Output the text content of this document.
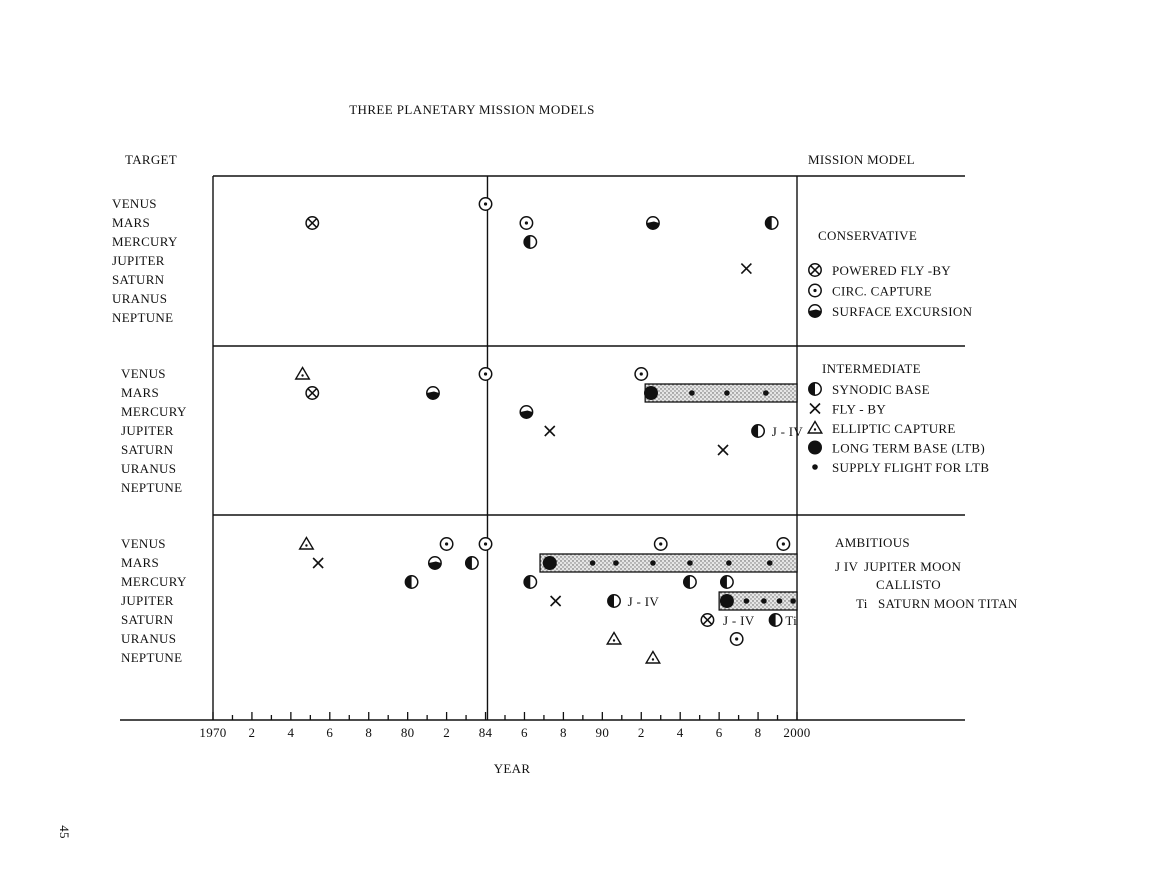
THREE PLANETARY MISSION MODELS
TARGET	MISSION MODEL
VENUS
MARS
MERCURY
JUPITER
SATURN
URANUS
NEPTUNE
VENUS
MARS
MERCURY
JUPITER
SATURN
URANUS
NEPTUNE
VENUS
MARS
MERCURY
JUPITER
SATURN
URANUS
NEPTUNE
J - IV
J - IV
J - IV Ti
CONSERVATIVE
POWERED FLY -BY
CIRC. CAPTURE
SURFACE EXCURSION
INTERMEDIATE
SYNODIC BASE
FLY - BY
ELLIPTIC CAPTURE
LONG TERM BASE (LTB)
SUPPLY FLIGHT FOR LTB
AMBITIOUS
J IV JUPITER MOON
CALLISTO
Ti SATURN MOON TITAN
1970 2 4 6 8 80 2 84 6 8 90 2 4 6 8 2000
YEAR
45
